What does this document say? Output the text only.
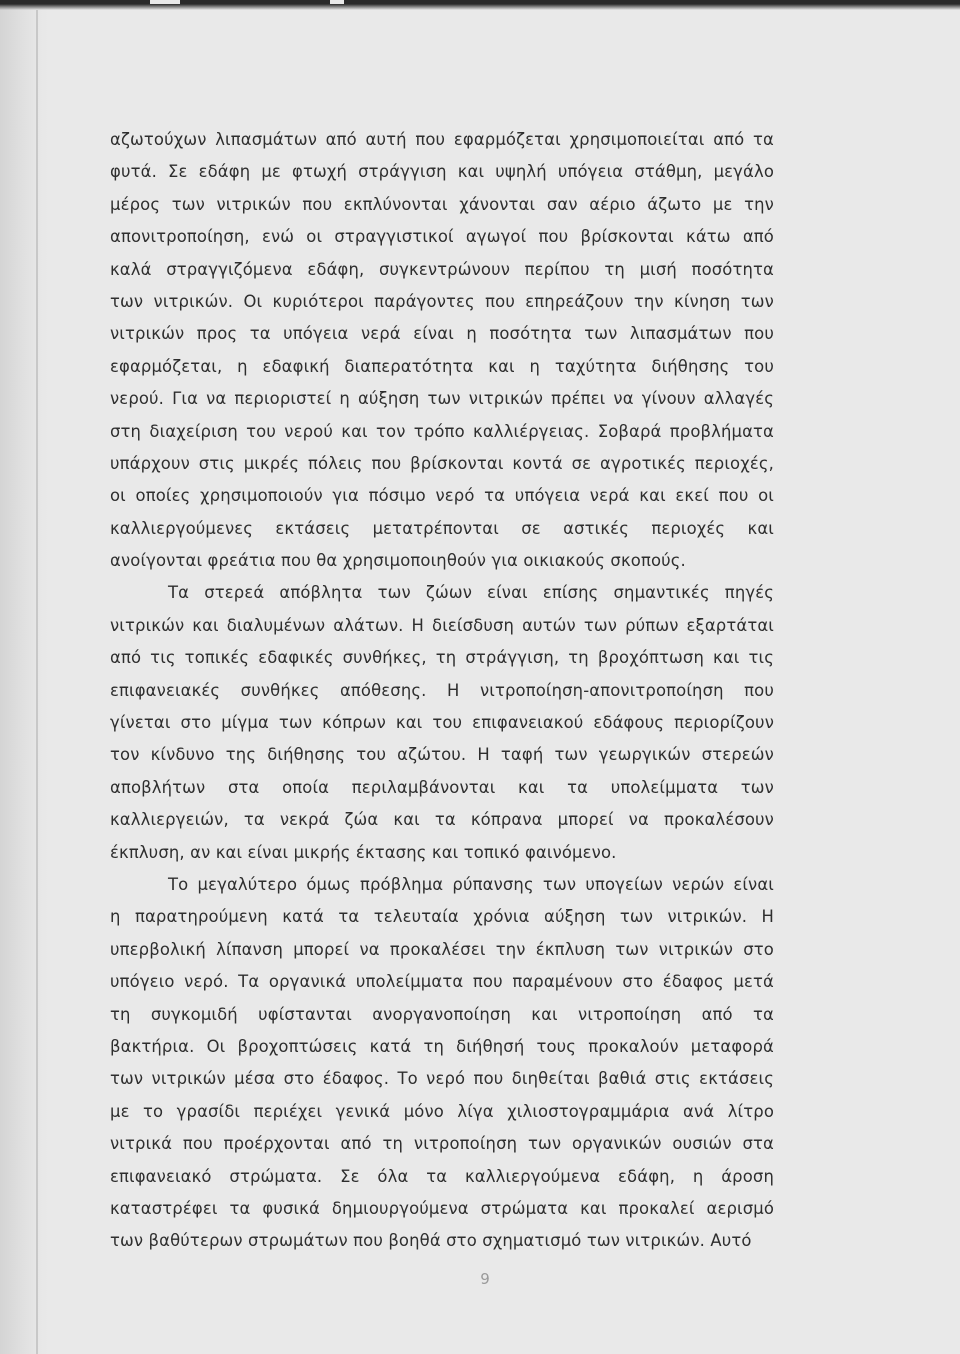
αζωτούχων λιπασμάτων από αυτή που εφαρμόζεται χρησιμοποιείται από τα
φυτά. Σε εδάφη με φτωχή στράγγιση και υψηλή υπόγεια στάθμη, μεγάλο
μέρος των νιτρικών που εκπλύνονται χάνονται σαν αέριο άζωτο με την
απονιτροποίηση, ενώ οι στραγγιστικοί αγωγοί που βρίσκονται κάτω από
καλά στραγγιζόμενα εδάφη, συγκεντρώνουν περίπου τη μισή ποσότητα
των νιτρικών. Οι κυριότεροι παράγοντες που επηρεάζουν την κίνηση των
νιτρικών προς τα υπόγεια νερά είναι η ποσότητα των λιπασμάτων που
εφαρμόζεται, η εδαφική διαπερατότητα και η ταχύτητα διήθησης του
νερού. Για να περιοριστεί η αύξηση των νιτρικών πρέπει να γίνουν αλλαγές
στη διαχείριση του νερού και τον τρόπο καλλιέργειας. Σοβαρά προβλήματα
υπάρχουν στις μικρές πόλεις που βρίσκονται κοντά σε αγροτικές περιοχές,
οι οποίες χρησιμοποιούν για πόσιμο νερό τα υπόγεια νερά και εκεί που οι
καλλιεργούμενες εκτάσεις μετατρέπονται σε αστικές περιοχές και
ανοίγονται φρεάτια που θα χρησιμοποιηθούν για οικιακούς σκοπούς.
Τα στερεά απόβλητα των ζώων είναι επίσης σημαντικές πηγές
νιτρικών και διαλυμένων αλάτων. Η διείσδυση αυτών των ρύπων εξαρτάται
από τις τοπικές εδαφικές συνθήκες, τη στράγγιση, τη βροχόπτωση και τις
επιφανειακές συνθήκες απόθεσης. Η νιτροποίηση-απονιτροποίηση που
γίνεται στο μίγμα των κόπρων και του επιφανειακού εδάφους περιορίζουν
τον κίνδυνο της διήθησης του αζώτου. Η ταφή των γεωργικών στερεών
αποβλήτων στα οποία περιλαμβάνονται και τα υπολείμματα των
καλλιεργειών, τα νεκρά ζώα και τα κόπρανα μπορεί να προκαλέσουν
έκπλυση, αν και είναι μικρής έκτασης και τοπικό φαινόμενο.
Το μεγαλύτερο όμως πρόβλημα ρύπανσης των υπογείων νερών είναι
η παρατηρούμενη κατά τα τελευταία χρόνια αύξηση των νιτρικών. Η
υπερβολική λίπανση μπορεί να προκαλέσει την έκπλυση των νιτρικών στο
υπόγειο νερό. Τα οργανικά υπολείμματα που παραμένουν στο έδαφος μετά
τη συγκομιδή υφίστανται ανοργανοποίηση και νιτροποίηση από τα
βακτήρια. Οι βροχοπτώσεις κατά τη διήθησή τους προκαλούν μεταφορά
των νιτρικών μέσα στο έδαφος. Το νερό που διηθείται βαθιά στις εκτάσεις
με το γρασίδι περιέχει γενικά μόνο λίγα χιλιοστογραμμάρια ανά λίτρο
νιτρικά που προέρχονται από τη νιτροποίηση των οργανικών ουσιών στα
επιφανειακό στρώματα. Σε όλα τα καλλιεργούμενα εδάφη, η άροση
καταστρέφει τα φυσικά δημιουργούμενα στρώματα και προκαλεί αερισμό
των βαθύτερων στρωμάτων που βοηθά στο σχηματισμό των νιτρικών. Αυτό
9
